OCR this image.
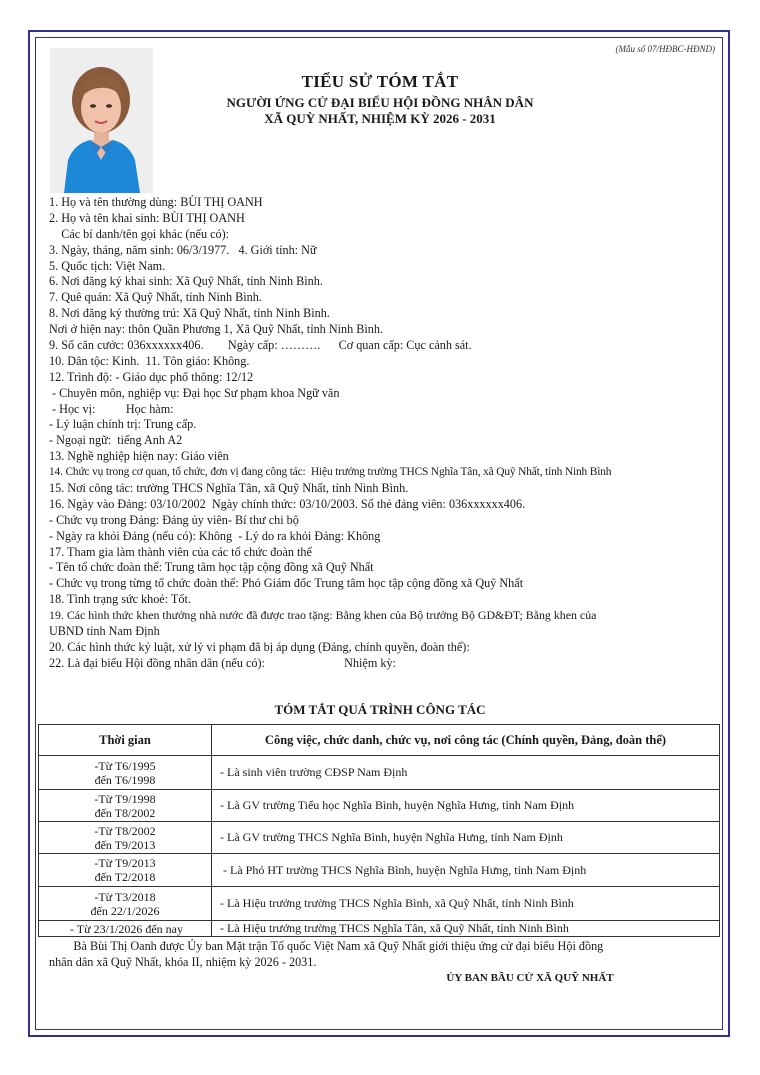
(Mẫu số 07/HĐBC-HĐND)
TIỂU SỬ TÓM TẮT
NGƯỜI ỨNG CỬ ĐẠI BIỂU HỘI ĐỒNG NHÂN DÂN
XÃ QUỲ NHẤT, NHIỆM KỲ 2026 - 2031
1. Họ và tên thường dùng: BÙI THỊ OANH
2. Họ và tên khai sinh: BÙI THỊ OANH
Các bí danh/tên gọi khác (nếu có):
3. Ngày, tháng, năm sinh: 06/3/1977.   4. Giới tính: Nữ
5. Quốc tịch: Việt Nam.
6. Nơi đăng ký khai sinh: Xã Quỹ Nhất, tỉnh Ninh Bình.
7. Quê quán: Xã Quỹ Nhất, tỉnh Ninh Bình.
8. Nơi đăng ký thường trú: Xã Quỹ Nhất, tỉnh Ninh Bình.
Nơi ở hiện nay: thôn Quần Phương 1, Xã Quỹ Nhất, tỉnh Ninh Bình.
9. Số căn cước: 036xxxxxx406.        Ngày cấp: ……….      Cơ quan cấp: Cục cảnh sát.
10. Dân tộc: Kinh.  11. Tôn giáo: Không.
12. Trình độ: - Giáo dục phổ thông: 12/12
- Chuyên môn, nghiệp vụ: Đại học Sư phạm khoa Ngữ văn
- Học vị:          Học hàm:
- Lý luận chính trị: Trung cấp.
- Ngoại ngữ:  tiếng Anh A2
13. Nghề nghiệp hiện nay: Giáo viên
14. Chức vụ trong cơ quan, tổ chức, đơn vị đang công tác:  Hiệu trưởng trường THCS Nghĩa Tân, xã Quỹ Nhất, tỉnh Ninh Bình
15. Nơi công tác: trường THCS Nghĩa Tân, xã Quỹ Nhất, tỉnh Ninh Bình.
16. Ngày vào Đảng: 03/10/2002  Ngày chính thức: 03/10/2003. Số thẻ đảng viên: 036xxxxxx406.
- Chức vụ trong Đảng: Đảng ủy viên- Bí thư chi bộ
- Ngày ra khỏi Đảng (nếu có): Không  - Lý do ra khỏi Đảng: Không
17. Tham gia làm thành viên của các tổ chức đoàn thể
- Tên tổ chức đoàn thể: Trung tâm học tập cộng đồng xã Quỹ Nhất
- Chức vụ trong từng tổ chức đoàn thể: Phó Giám đốc Trung tâm học tập cộng đồng xã Quỹ Nhất
18. Tình trạng sức khoẻ: Tốt.
19. Các hình thức khen thưởng nhà nước đã được trao tặng: Bằng khen của Bộ trưởng Bộ GD&ĐT; Bằng khen của
UBND tỉnh Nam Định
20. Các hình thức kỷ luật, xử lý vi phạm đã bị áp dụng (Đảng, chính quyền, đoàn thể):
22. Là đại biểu Hội đồng nhân dân (nếu có):                          Nhiệm kỳ:
TÓM TẮT QUÁ TRÌNH CÔNG TÁC
Thời gian	Công việc, chức danh, chức vụ, nơi công tác (Chính quyền, Đảng, đoàn thể)

-Từ T6/1995
đến T6/1998	- Là sinh viên trường CĐSP Nam Định

-Từ T9/1998
đến T8/2002	- Là GV trường Tiểu học Nghĩa Bình, huyện Nghĩa Hưng, tỉnh Nam Định

-Từ T8/2002
đến T9/2013	- Là GV trường THCS Nghĩa Bình, huyện Nghĩa Hưng, tỉnh Nam Định

-Từ T9/2013
đến T2/2018	- Là Phó HT trường THCS Nghĩa Bình, huyện Nghĩa Hưng, tỉnh Nam Định

-Từ T3/2018
đến 22/1/2026	- Là Hiệu trưởng trường THCS Nghĩa Bình, xã Quỹ Nhất, tỉnh Ninh Bình
- Từ 23/1/2026 đến nay	- Là Hiệu trưởng trường THCS Nghĩa Tân, xã Quỹ Nhất, tỉnh Ninh Bình

Bà Bùi Thị Oanh được Ủy ban Mặt trận Tổ quốc Việt Nam xã Quỹ Nhất giới thiệu ứng cử đại biểu Hội đồng

nhân dân xã Quỹ Nhất, khóa II, nhiệm kỳ 2026 - 2031.

ỦY BAN BẦU CỬ XÃ QUỸ NHẤT
